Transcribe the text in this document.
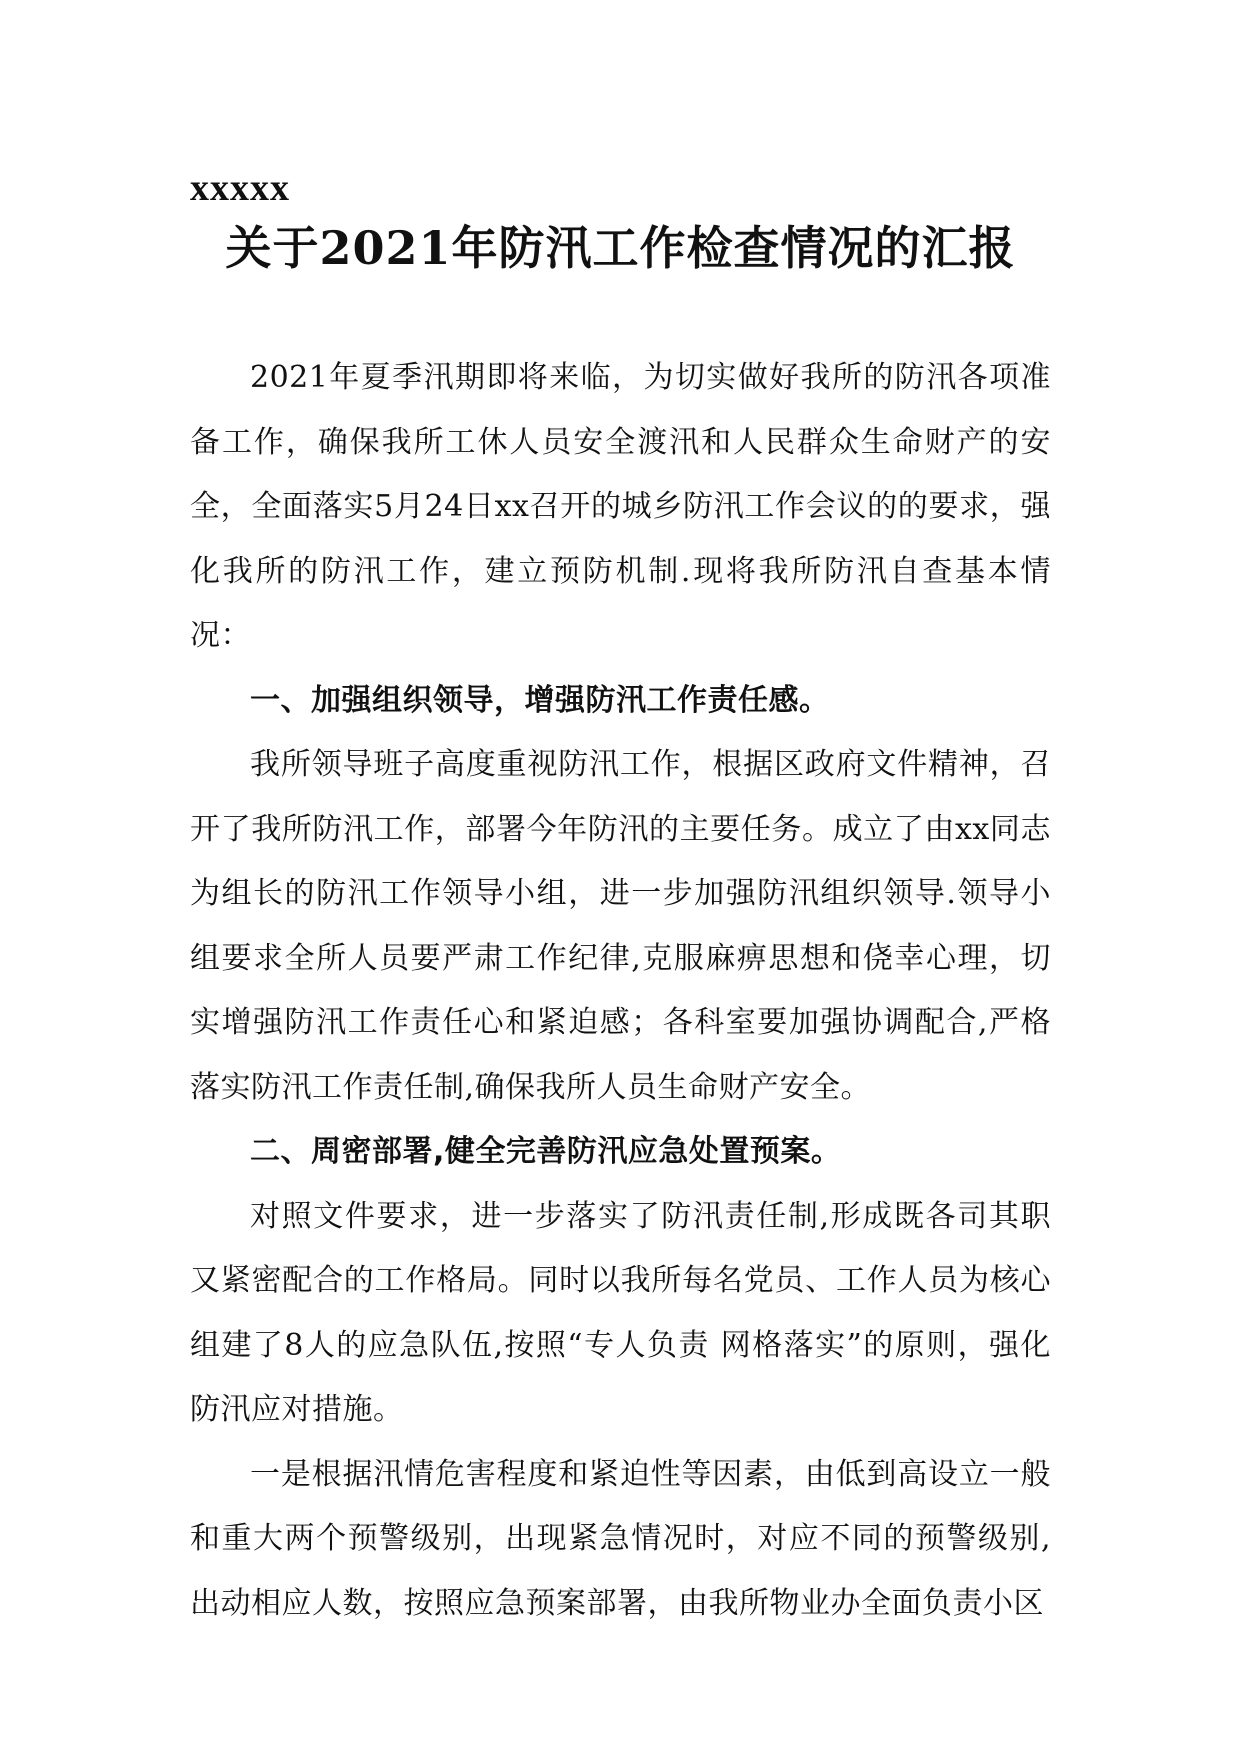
xxxxx

关于2021年防汛工作检查情况的汇报

2021年夏季汛期即将来临，为切实做好我所的防汛各项准备工作，确保我所工休人员安全渡汛和人民群众生命财产的安全，全面落实5月24日xx召开的城乡防汛工作会议的的要求，强化我所的防汛工作，建立预防机制.现将我所防汛自查基本情况：

一、加强组织领导，增强防汛工作责任感。

我所领导班子高度重视防汛工作，根据区政府文件精神，召开了我所防汛工作，部署今年防汛的主要任务。成立了由xx同志为组长的防汛工作领导小组，进一步加强防汛组织领导.领导小组要求全所人员要严肃工作纪律,克服麻痹思想和侥幸心理，切实增强防汛工作责任心和紧迫感；各科室要加强协调配合,严格落实防汛工作责任制,确保我所人员生命财产安全。

二、周密部署,健全完善防汛应急处置预案。

对照文件要求，进一步落实了防汛责任制,形成既各司其职又紧密配合的工作格局。同时以我所每名党员、工作人员为核心组建了8人的应急队伍,按照“专人负责 网格落实”的原则，强化防汛应对措施。

一是根据汛情危害程度和紧迫性等因素，由低到高设立一般和重大两个预警级别，出现紧急情况时，对应不同的预警级别,出动相应人数，按照应急预案部署，由我所物业办全面负责小区
